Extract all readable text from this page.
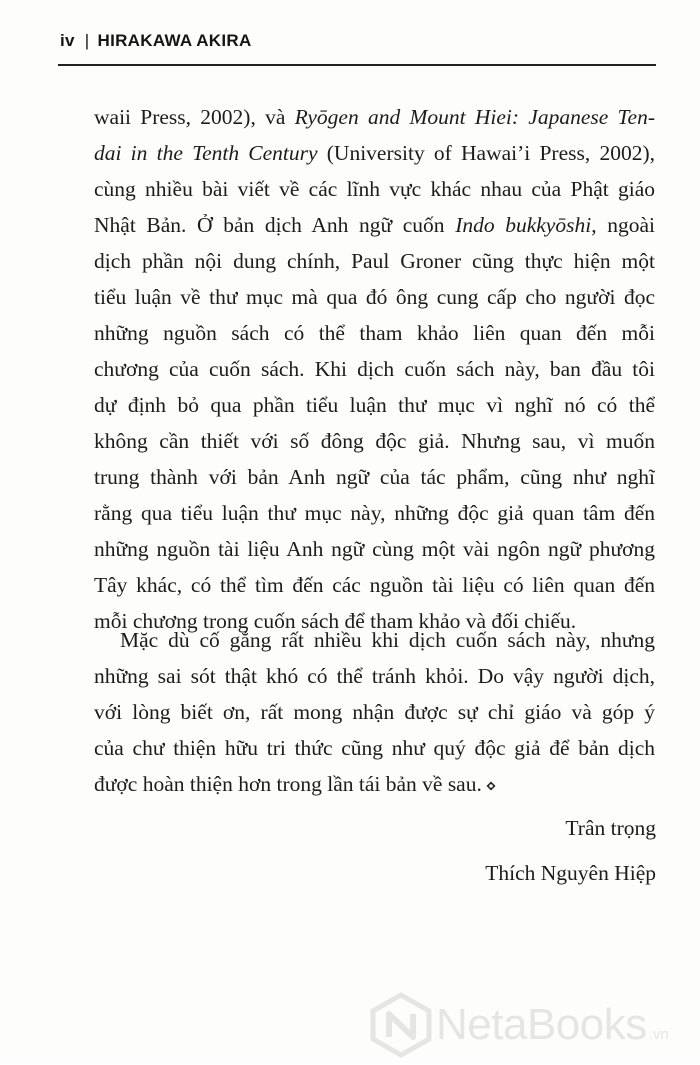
iv | HIRAKAWA AKIRA
waii Press, 2002), và Ryōgen and Mount Hiei: Japanese Ten-
dai in the Tenth Century (University of Hawai’i Press, 2002),
cùng nhiều bài viết về các lĩnh vực khác nhau của Phật giáo
Nhật Bản. Ở bản dịch Anh ngữ cuốn Indo bukkyōshi, ngoài
dịch phần nội dung chính, Paul Groner cũng thực hiện một
tiểu luận về thư mục mà qua đó ông cung cấp cho người đọc
những nguồn sách có thể tham khảo liên quan đến mỗi
chương của cuốn sách. Khi dịch cuốn sách này, ban đầu tôi
dự định bỏ qua phần tiểu luận thư mục vì nghĩ nó có thể
không cần thiết với số đông độc giả. Nhưng sau, vì muốn
trung thành với bản Anh ngữ của tác phẩm, cũng như nghĩ
rằng qua tiểu luận thư mục này, những độc giả quan tâm đến
những nguồn tài liệu Anh ngữ cùng một vài ngôn ngữ phương
Tây khác, có thể tìm đến các nguồn tài liệu có liên quan đến
mỗi chương trong cuốn sách để tham khảo và đối chiếu.
Mặc dù cố gắng rất nhiều khi dịch cuốn sách này, nhưng
những sai sót thật khó có thể tránh khỏi. Do vậy người dịch,
với lòng biết ơn, rất mong nhận được sự chỉ giáo và góp ý
của chư thiện hữu tri thức cũng như quý độc giả để bản dịch
được hoàn thiện hơn trong lần tái bản về sau.
Trân trọng
Thích Nguyên Hiệp
NetaBooks .vn
